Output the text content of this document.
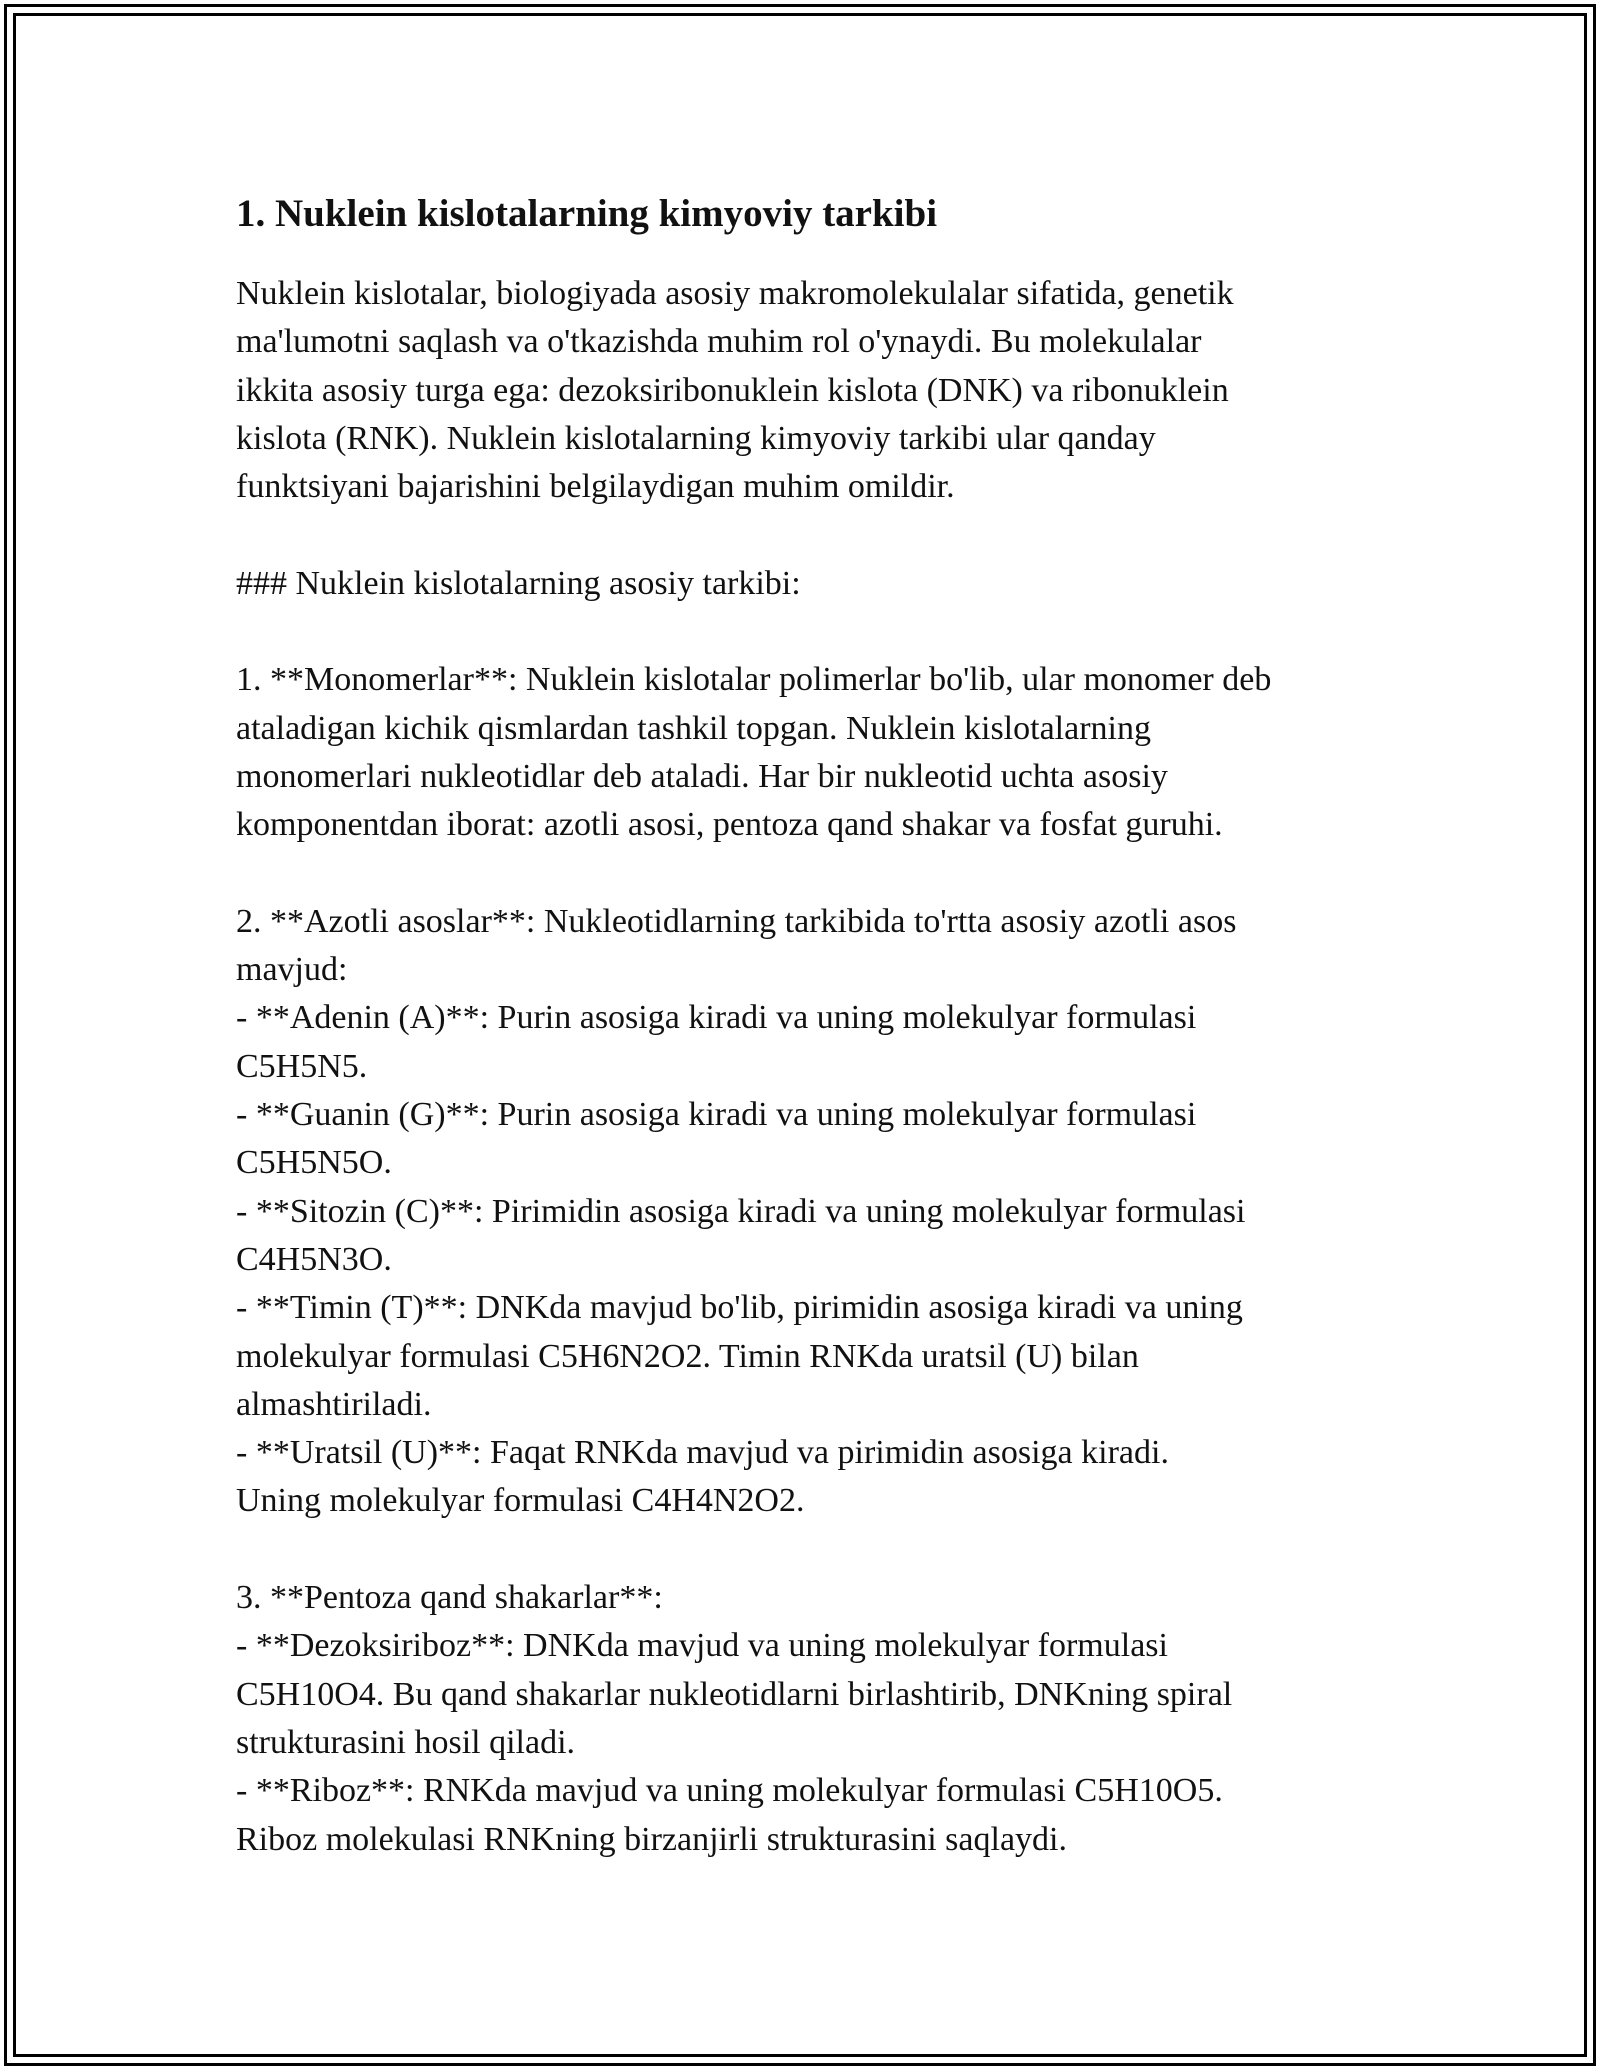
1. Nuklein kislotalarning kimyoviy tarkibi

Nuklein kislotalar, biologiyada asosiy makromolekulalar sifatida, genetik
ma'lumotni saqlash va o'tkazishda muhim rol o'ynaydi. Bu molekulalar
ikkita asosiy turga ega: dezoksiribonuklein kislota (DNK) va ribonuklein
kislota (RNK). Nuklein kislotalarning kimyoviy tarkibi ular qanday
funktsiyani bajarishini belgilaydigan muhim omildir.

### Nuklein kislotalarning asosiy tarkibi:

1. **Monomerlar**: Nuklein kislotalar polimerlar bo'lib, ular monomer deb
ataladigan kichik qismlardan tashkil topgan. Nuklein kislotalarning
monomerlari nukleotidlar deb ataladi. Har bir nukleotid uchta asosiy
komponentdan iborat: azotli asosi, pentoza qand shakar va fosfat guruhi.

2. **Azotli asoslar**: Nukleotidlarning tarkibida to'rtta asosiy azotli asos
mavjud:
- **Adenin (A)**: Purin asosiga kiradi va uning molekulyar formulasi
C5H5N5.
- **Guanin (G)**: Purin asosiga kiradi va uning molekulyar formulasi
C5H5N5O.
- **Sitozin (C)**: Pirimidin asosiga kiradi va uning molekulyar formulasi
C4H5N3O.
- **Timin (T)**: DNKda mavjud bo'lib, pirimidin asosiga kiradi va uning
molekulyar formulasi C5H6N2O2. Timin RNKda uratsil (U) bilan
almashtiriladi.
- **Uratsil (U)**: Faqat RNKda mavjud va pirimidin asosiga kiradi.
Uning molekulyar formulasi C4H4N2O2.

3. **Pentoza qand shakarlar**:
- **Dezoksiriboz**: DNKda mavjud va uning molekulyar formulasi
C5H10O4. Bu qand shakarlar nukleotidlarni birlashtirib, DNKning spiral
strukturasini hosil qiladi.
- **Riboz**: RNKda mavjud va uning molekulyar formulasi C5H10O5.
Riboz molekulasi RNKning birzanjirli strukturasini saqlaydi.
